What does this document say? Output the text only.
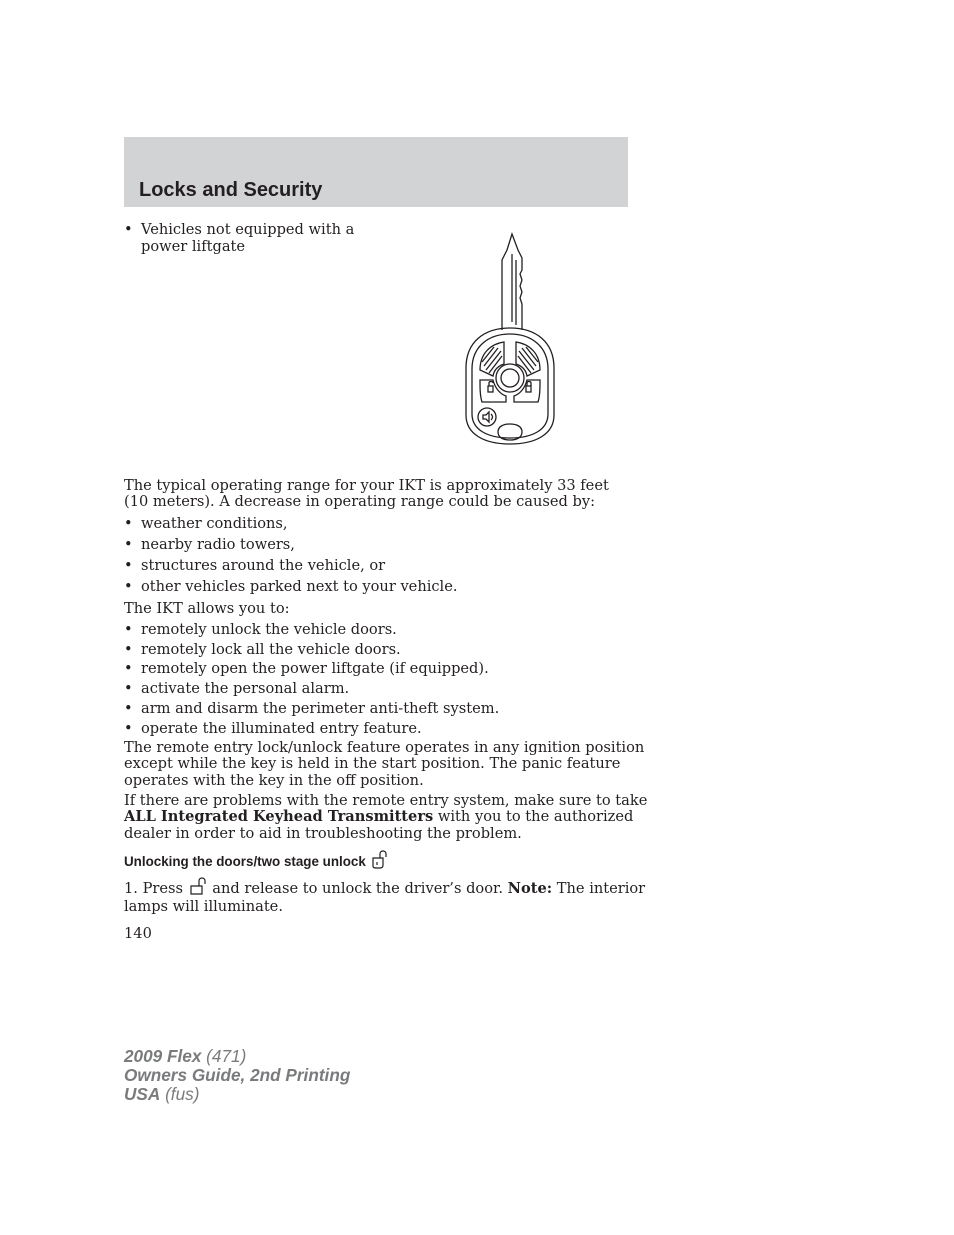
Locks and Security
• Vehicles not equipped with a
power liftgate
The typical operating range for your IKT is approximately 33 feet
(10 meters). A decrease in operating range could be caused by:
• weather conditions,
• nearby radio towers,
• structures around the vehicle, or
• other vehicles parked next to your vehicle.
The IKT allows you to:
• remotely unlock the vehicle doors.
• remotely lock all the vehicle doors.
• remotely open the power liftgate (if equipped).
• activate the personal alarm.
• arm and disarm the perimeter anti-theft system.
• operate the illuminated entry feature.
The remote entry lock/unlock feature operates in any ignition position
except while the key is held in the start position. The panic feature
operates with the key in the off position.
If there are problems with the remote entry system, make sure to take
ALL Integrated Keyhead Transmitters with you to the authorized
dealer in order to aid in troubleshooting the problem.
Unlocking the doors/two stage unlock
1. Press  and release to unlock the driver’s door. Note: The interior
lamps will illuminate.
140
2009 Flex (471)
Owners Guide, 2nd Printing
USA (fus)
